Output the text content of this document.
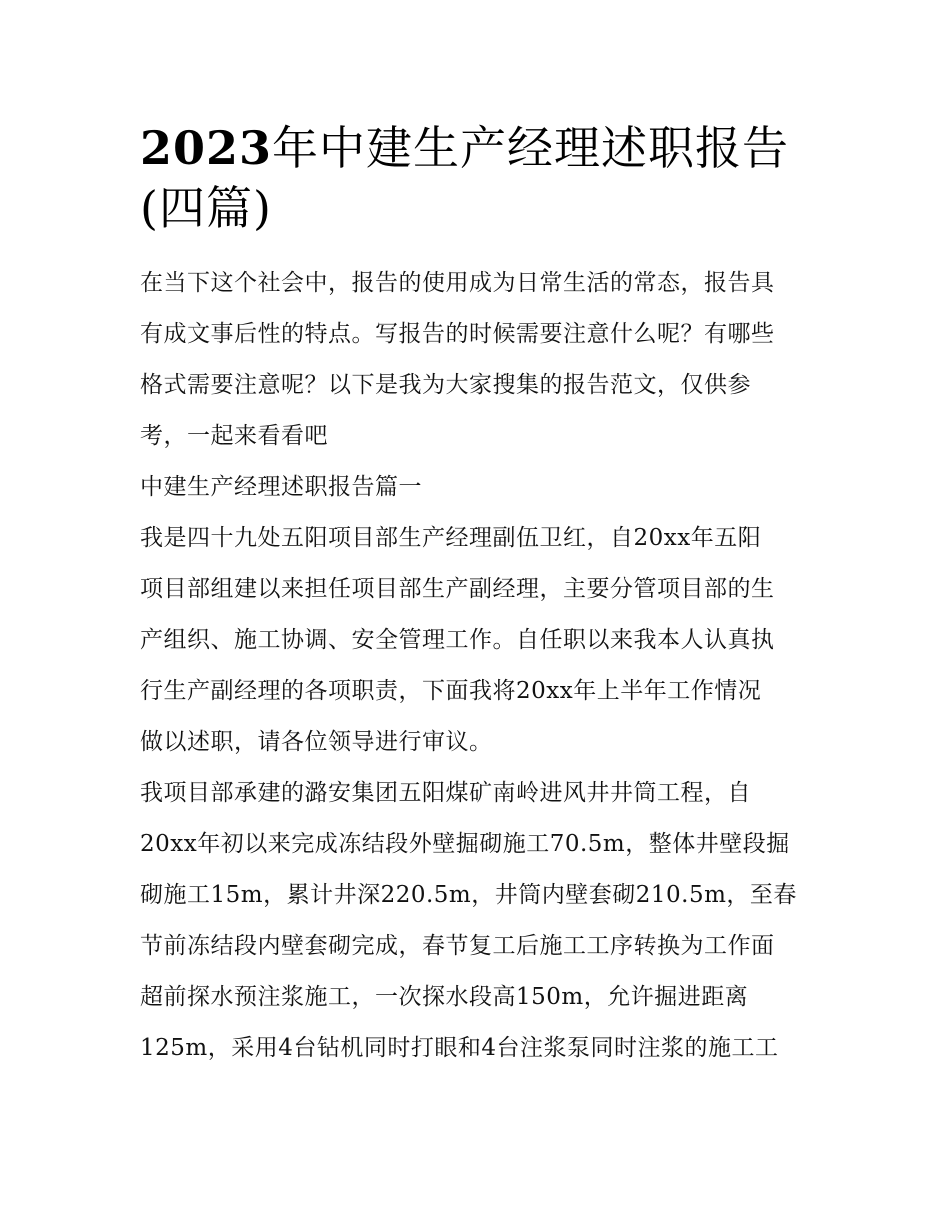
2023年中建生产经理述职报告
(四篇)

在当下这个社会中，报告的使用成为日常生活的常态，报告具

有成文事后性的特点。写报告的时候需要注意什么呢？有哪些

格式需要注意呢？以下是我为大家搜集的报告范文，仅供参

考，一起来看看吧

中建生产经理述职报告篇一

我是四十九处五阳项目部生产经理副伍卫红，自20xx年五阳

项目部组建以来担任项目部生产副经理，主要分管项目部的生

产组织、施工协调、安全管理工作。自任职以来我本人认真执

行生产副经理的各项职责，下面我将20xx年上半年工作情况

做以述职，请各位领导进行审议。

我项目部承建的潞安集团五阳煤矿南岭进风井井筒工程，自

20xx年初以来完成冻结段外壁掘砌施工70.5m，整体井壁段掘

砌施工15m，累计井深220.5m，井筒内壁套砌210.5m，至春

节前冻结段内壁套砌完成，春节复工后施工工序转换为工作面

超前探水预注浆施工，一次探水段高150m，允许掘进距离

125m，采用4台钻机同时打眼和4台注浆泵同时注浆的施工工
